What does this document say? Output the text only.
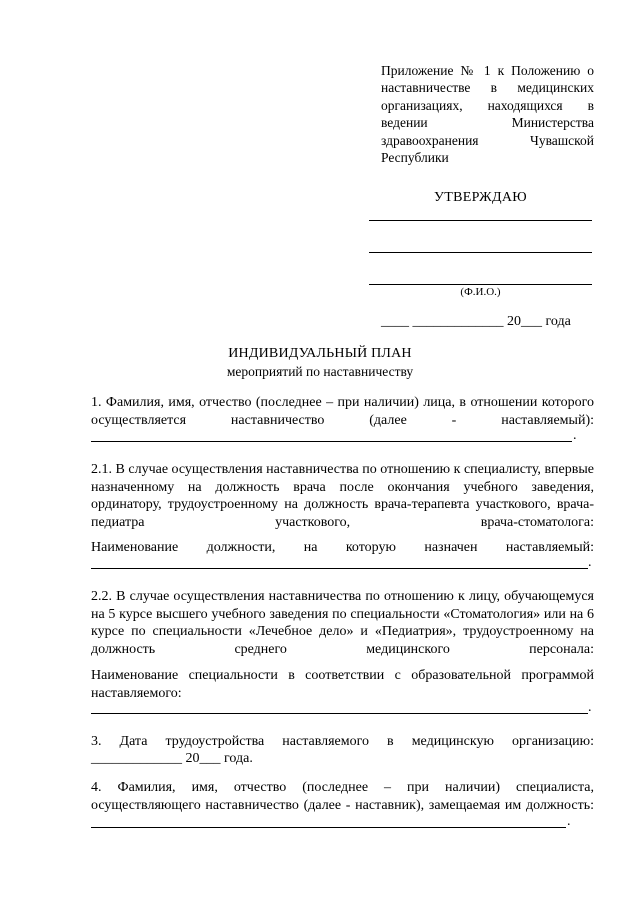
Приложение № 1 к Положению о наставничестве в медицинских организациях, находящихся в ведении Министерства здравоохранения Чувашской Республики
УТВЕРЖДАЮ
(Ф.И.О.)
____ _____________ 20___ года
ИНДИВИДУАЛЬНЫЙ ПЛАН
мероприятий по наставничеству
1. Фамилия, имя, отчество (последнее – при наличии) лица, в отношении которого осуществляется наставничество (далее - наставляемый):
.
2.1. В случае осуществления наставничества по отношению к специалисту, впервые назначенному на должность врача после окончания учебного заведения, ординатору, трудоустроенному на должность врача-терапевта участкового, врача-педиатра участкового, врача-стоматолога:
Наименование должности, на которую назначен наставляемый:
.
2.2. В случае осуществления наставничества по отношению к лицу, обучающемуся на 5 курсе высшего учебного заведения по специальности «Стоматология» или на 6 курсе по специальности «Лечебное дело» и «Педиатрия», трудоустроенному на должность среднего медицинского персонала:
Наименование специальности в соответствии с образовательной программой наставляемого:
.
3. Дата трудоустройства наставляемого в медицинскую организацию:
_____________ 20___ года.
4. Фамилия, имя, отчество (последнее – при наличии) специалиста, осуществляющего наставничество (далее - наставник), замещаемая им должность:
.
